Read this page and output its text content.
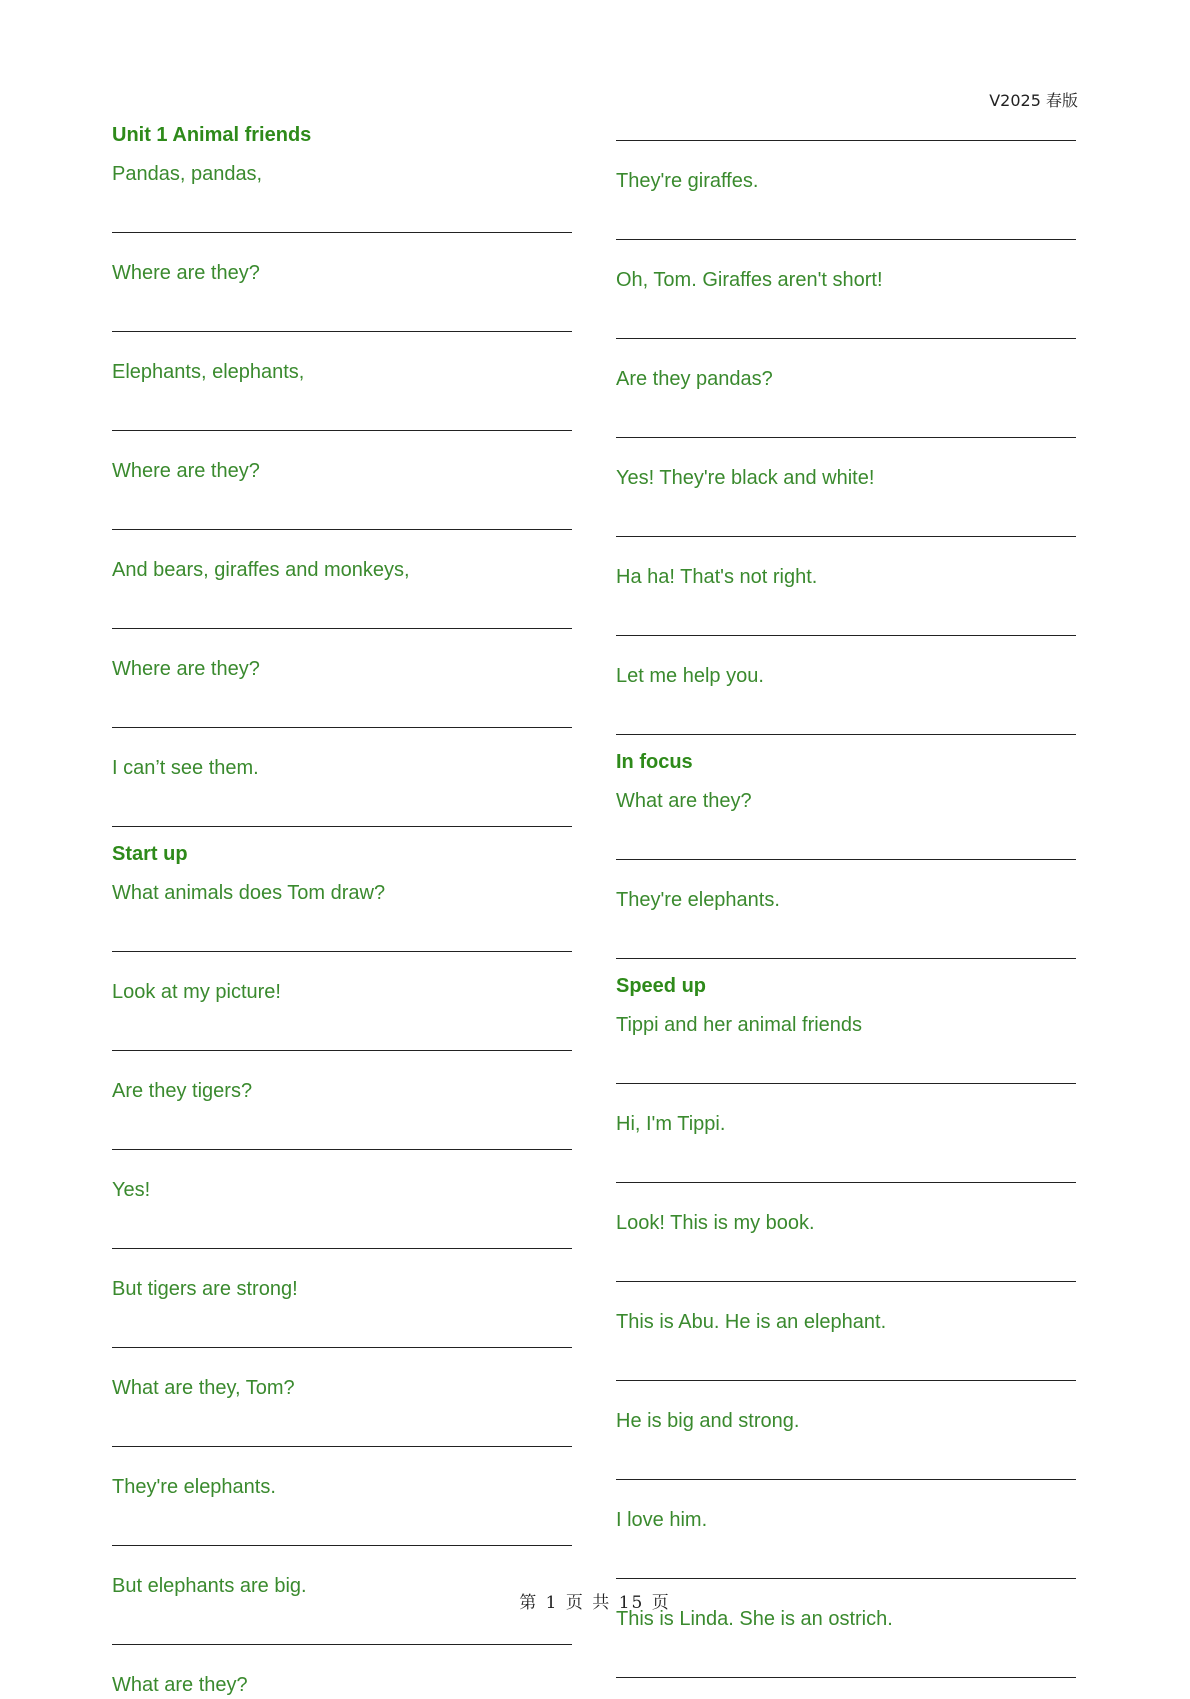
V2025 春版
Unit 1 Animal friends
Pandas, pandas,
Where are they?
Elephants, elephants,
Where are they?
And bears, giraffes and monkeys,
Where are they?
I can’t see them.
Start up
What animals does Tom draw?
Look at my picture!
Are they tigers?
Yes!
But tigers are strong!
What are they, Tom?
They're elephants.
But elephants are big.
What are they?
They're giraffes.
Oh, Tom. Giraffes aren't short!
Are they pandas?
Yes! They're black and white!
Ha ha! That's not right.
Let me help you.
In focus
What are they?
They're elephants.
Speed up
Tippi and her animal friends
Hi, I'm Tippi.
Look! This is my book.
This is Abu. He is an elephant.
He is big and strong.
I love him.
This is Linda. She is an ostrich.
第 1 页 共 15 页
